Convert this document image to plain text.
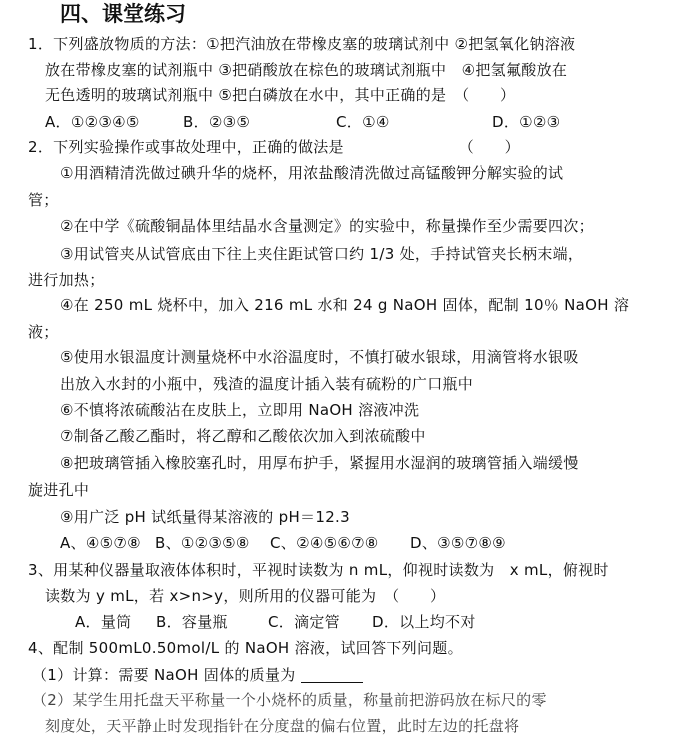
四、课堂练习
1．下列盛放物质的方法：①把汽油放在带橡皮塞的玻璃试剂中 ②把氢氧化钠溶液
放在带橡皮塞的试剂瓶中 ③把硝酸放在棕色的玻璃试剂瓶中　④把氢氟酸放在
无色透明的玻璃试剂瓶中 ⑤把白磷放在水中，其中正确的是　（　　）
A．①②③④⑤	B．②③⑤	C．①④	D．①②③
2．下列实验操作或事故处理中，正确的做法是　　　　　　　　（　　）
①用酒精清洗做过碘升华的烧杯，用浓盐酸清洗做过高锰酸钾分解实验的试
管；
②在中学《硫酸铜晶体里结晶水含量测定》的实验中，称量操作至少需要四次；
③用试管夹从试管底由下往上夹住距试管口约 1/3 处，手持试管夹长柄末端，
进行加热；
④在 250 mL 烧杯中，加入 216 mL 水和 24 g NaOH 固体，配制 10％ NaOH 溶
液；
⑤使用水银温度计测量烧杯中水浴温度时，不慎打破水银球，用滴管将水银吸
出放入水封的小瓶中，残渣的温度计插入装有硫粉的广口瓶中
⑥不慎将浓硫酸沾在皮肤上，立即用 NaOH 溶液冲洗
⑦制备乙酸乙酯时，将乙醇和乙酸依次加入到浓硫酸中
⑧把玻璃管插入橡胶塞孔时，用厚布护手，紧握用水湿润的玻璃管插入端缓慢
旋进孔中
⑨用广泛 pH 试纸量得某溶液的 pH＝12.3
A、④⑤⑦⑧ B、①②③⑤⑧ C、②④⑤⑥⑦⑧ D、③⑤⑦⑧⑨
3、用某种仪器量取液体体积时，平视时读数为 n mL，仰视时读数为　x mL，俯视时
读数为 y mL，若 x>n>y，则所用的仪器可能为　（　　）
A．量筒 B．容量瓶	C．滴定管 D．以上均不对
4、配制 500mL0.50mol/L 的 NaOH 溶液，试回答下列问题。
（1）计算：需要 NaOH 固体的质量为
（2）某学生用托盘天平称量一个小烧杯的质量，称量前把游码放在标尺的零
刻度处，天平静止时发现指针在分度盘的偏右位置，此时左边的托盘将
